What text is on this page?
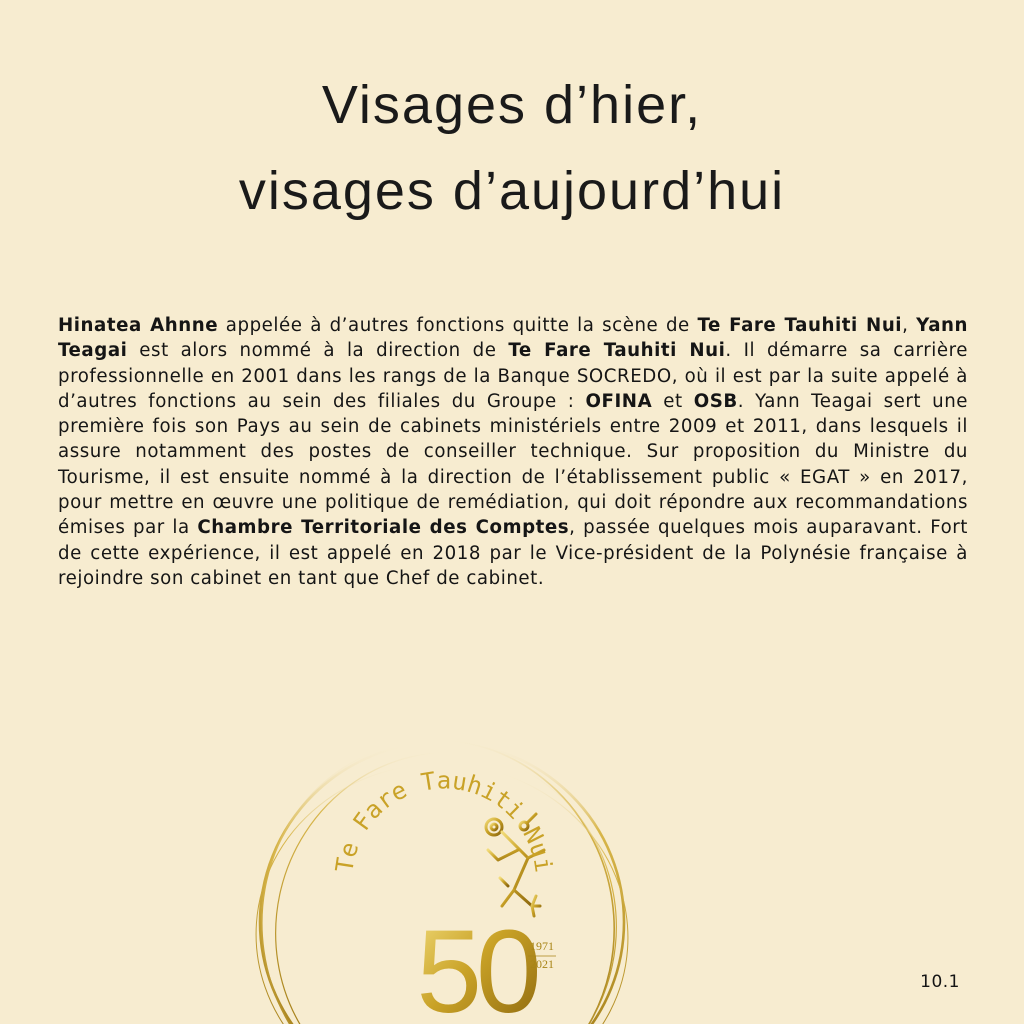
Visages d’hier,
visages d’aujourd’hui
Hinatea Ahnne appelée à d’autres fonctions quitte la scène de Te Fare Tauhiti Nui, Yann Teagai est alors nommé à la direction de Te Fare Tauhiti Nui. Il démarre sa carrière professionnelle en 2001 dans les rangs de la Banque SOCREDO, où il est par la suite appelé à d’autres fonctions au sein des filiales du Groupe : OFINA et OSB. Yann Teagai sert une première fois son Pays au sein de cabinets ministériels entre 2009 et 2011, dans lesquels il assure notamment des postes de conseiller technique. Sur proposition du Ministre du Tourisme, il est ensuite nommé à la direction de l’établissement public « EGAT » en 2017, pour mettre en œuvre une politique de remédiation, qui doit répondre aux recommandations émises par la Chambre Territoriale des Comptes, passée quelques mois auparavant. Fort de cette expérience, il est appelé en 2018 par le Vice-président de la Polynésie française à rejoindre son cabinet en tant que Chef de cabinet.
Te Fare Tauhiti Nui
50
1971
2021
10.1
